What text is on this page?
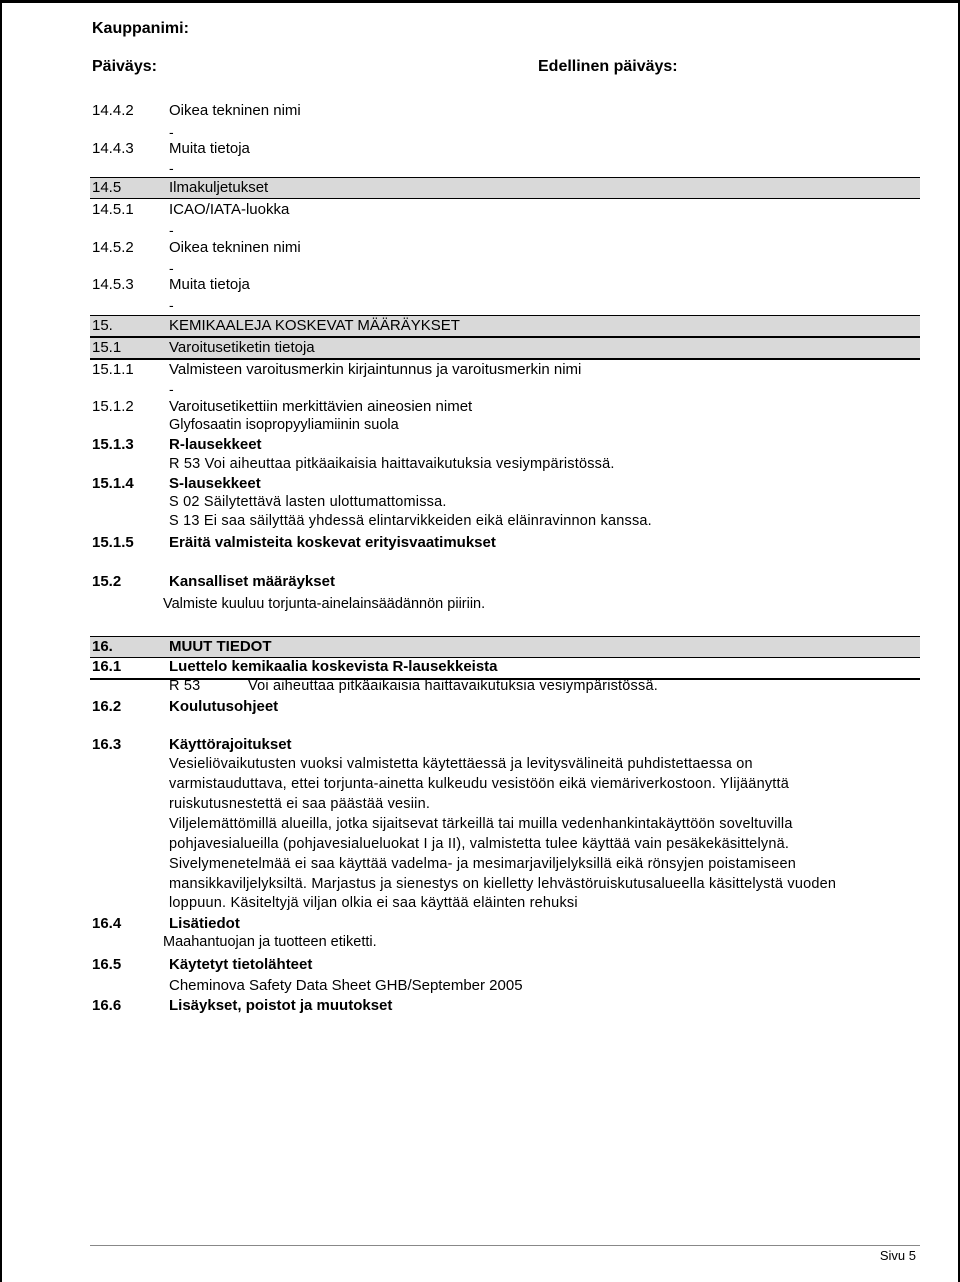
Kauppanimi:
Päiväys:	Edellinen päiväys:
14.4.2 Oikea tekninen nimi
-
14.4.3 Muita tietoja
-
14.5	Ilmakuljetukset
14.5.1 ICAO/IATA-luokka
-
14.5.2 Oikea tekninen nimi
-
14.5.3 Muita tietoja
-
15.	KEMIKAALEJA KOSKEVAT MÄÄRÄYKSET
15.1	Varoitusetiketin tietoja
15.1.1 Valmisteen varoitusmerkin kirjaintunnus ja varoitusmerkin nimi
-
15.1.2 Varoitusetikettiin merkittävien aineosien nimet
Glyfosaatin isopropyyliamiinin suola
15.1.3 R-lausekkeet
R 53 Voi aiheuttaa pitkäaikaisia haittavaikutuksia vesiympäristössä.
15.1.4 S-lausekkeet
S 02 Säilytettävä lasten ulottumattomissa.
S 13 Ei saa säilyttää yhdessä elintarvikkeiden eikä eläinravinnon kanssa.
15.1.5 Eräitä valmisteita koskevat erityisvaatimukset
15.2	Kansalliset määräykset
Valmiste kuuluu torjunta-ainelainsäädännön piiriin.
16.	MUUT TIEDOT
16.1	Luettelo kemikaalia koskevista R-lausekkeista
R 53	Voi aiheuttaa pitkäaikaisia haittavaikutuksia vesiympäristössä.
16.2	Koulutusohjeet
16.3	Käyttörajoitukset
Vesieliövaikutusten vuoksi valmistetta käytettäessä ja levitysvälineitä puhdistettaessa on
varmistauduttava, ettei torjunta-ainetta kulkeudu vesistöön eikä viemäriverkostoon. Ylijäänyttä
ruiskutusnestettä ei saa päästää vesiin.
Viljelemättömillä alueilla, jotka sijaitsevat tärkeillä tai muilla vedenhankintakäyttöön soveltuvilla
pohjavesialueilla (pohjavesialueluokat I ja II), valmistetta tulee käyttää vain pesäkekäsittelynä.
Sivelymenetelmää ei saa käyttää vadelma- ja mesimarjaviljelyksillä eikä rönsyjen poistamiseen
mansikkaviljelyksiltä. Marjastus ja sienestys on kielletty lehvästöruiskutusalueella käsittelystä vuoden
loppuun. Käsiteltyjä viljan olkia ei saa käyttää eläinten rehuksi
16.4	Lisätiedot
Maahantuojan ja tuotteen etiketti.
16.5	Käytetyt tietolähteet
Cheminova Safety Data Sheet GHB/September 2005
16.6	Lisäykset, poistot ja muutokset
Sivu 5
